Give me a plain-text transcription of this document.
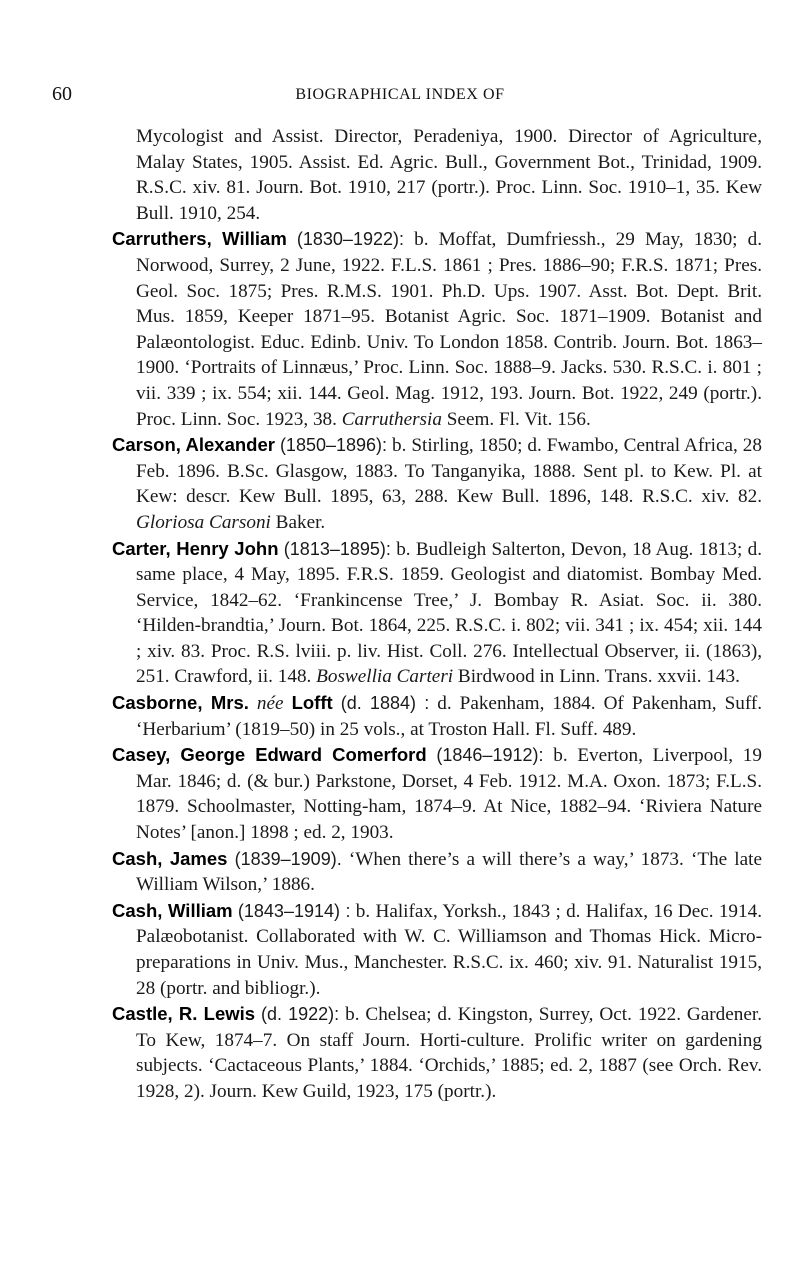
60	BIOGRAPHICAL INDEX OF

Mycologist and Assist. Director, Peradeniya, 1900. Director of Agriculture, Malay States, 1905. Assist. Ed. Agric. Bull., Government Bot., Trinidad, 1909. R.S.C. xiv. 81. Journ. Bot. 1910, 217 (portr.). Proc. Linn. Soc. 1910–1, 35. Kew Bull. 1910, 254.

Carruthers, William (1830–1922): b. Moffat, Dumfriessh., 29 May, 1830; d. Norwood, Surrey, 2 June, 1922. F.L.S. 1861 ; Pres. 1886–90; F.R.S. 1871; Pres. Geol. Soc. 1875; Pres. R.M.S. 1901. Ph.D. Ups. 1907. Asst. Bot. Dept. Brit. Mus. 1859, Keeper 1871–95. Botanist Agric. Soc. 1871–1909. Botanist and Palæontologist. Educ. Edinb. Univ. To London 1858. Contrib. Journ. Bot. 1863–1900. ‘Portraits of Linnæus,’ Proc. Linn. Soc. 1888–9. Jacks. 530. R.S.C. i. 801 ; vii. 339 ; ix. 554; xii. 144. Geol. Mag. 1912, 193. Journ. Bot. 1922, 249 (portr.). Proc. Linn. Soc. 1923, 38. Carruthersia Seem. Fl. Vit. 156.

Carson, Alexander (1850–1896): b. Stirling, 1850; d. Fwambo, Central Africa, 28 Feb. 1896. B.Sc. Glasgow, 1883. To Tanganyika, 1888. Sent pl. to Kew. Pl. at Kew: descr. Kew Bull. 1895, 63, 288. Kew Bull. 1896, 148. R.S.C. xiv. 82. Gloriosa Carsoni Baker.

Carter, Henry John (1813–1895): b. Budleigh Salterton, Devon, 18 Aug. 1813; d. same place, 4 May, 1895. F.R.S. 1859. Geologist and diatomist. Bombay Med. Service, 1842–62. ‘Frankincense Tree,’ J. Bombay R. Asiat. Soc. ii. 380. ‘Hilden-brandtia,’ Journ. Bot. 1864, 225. R.S.C. i. 802; vii. 341 ; ix. 454; xii. 144 ; xiv. 83. Proc. R.S. lviii. p. liv. Hist. Coll. 276. Intellectual Observer, ii. (1863), 251. Crawford, ii. 148. Boswellia Carteri Birdwood in Linn. Trans. xxvii. 143.

Casborne, Mrs. née Lofft (d. 1884) : d. Pakenham, 1884. Of Pakenham, Suff. ‘Herbarium’ (1819–50) in 25 vols., at Troston Hall. Fl. Suff. 489.

Casey, George Edward Comerford (1846–1912): b. Everton, Liverpool, 19 Mar. 1846; d. (& bur.) Parkstone, Dorset, 4 Feb. 1912. M.A. Oxon. 1873; F.L.S. 1879. Schoolmaster, Notting-ham, 1874–9. At Nice, 1882–94. ‘Riviera Nature Notes’ [anon.] 1898 ; ed. 2, 1903.

Cash, James (1839–1909). ‘When there’s a will there’s a way,’ 1873. ‘The late William Wilson,’ 1886.

Cash, William (1843–1914) : b. Halifax, Yorksh., 1843 ; d. Halifax, 16 Dec. 1914. Palæobotanist. Collaborated with W. C. Williamson and Thomas Hick. Micro-preparations in Univ. Mus., Manchester. R.S.C. ix. 460; xiv. 91. Naturalist 1915, 28 (portr. and bibliogr.).

Castle, R. Lewis (d. 1922): b. Chelsea; d. Kingston, Surrey, Oct. 1922. Gardener. To Kew, 1874–7. On staff Journ. Horti-culture. Prolific writer on gardening subjects. ‘Cactaceous Plants,’ 1884. ‘Orchids,’ 1885; ed. 2, 1887 (see Orch. Rev. 1928, 2). Journ. Kew Guild, 1923, 175 (portr.).
